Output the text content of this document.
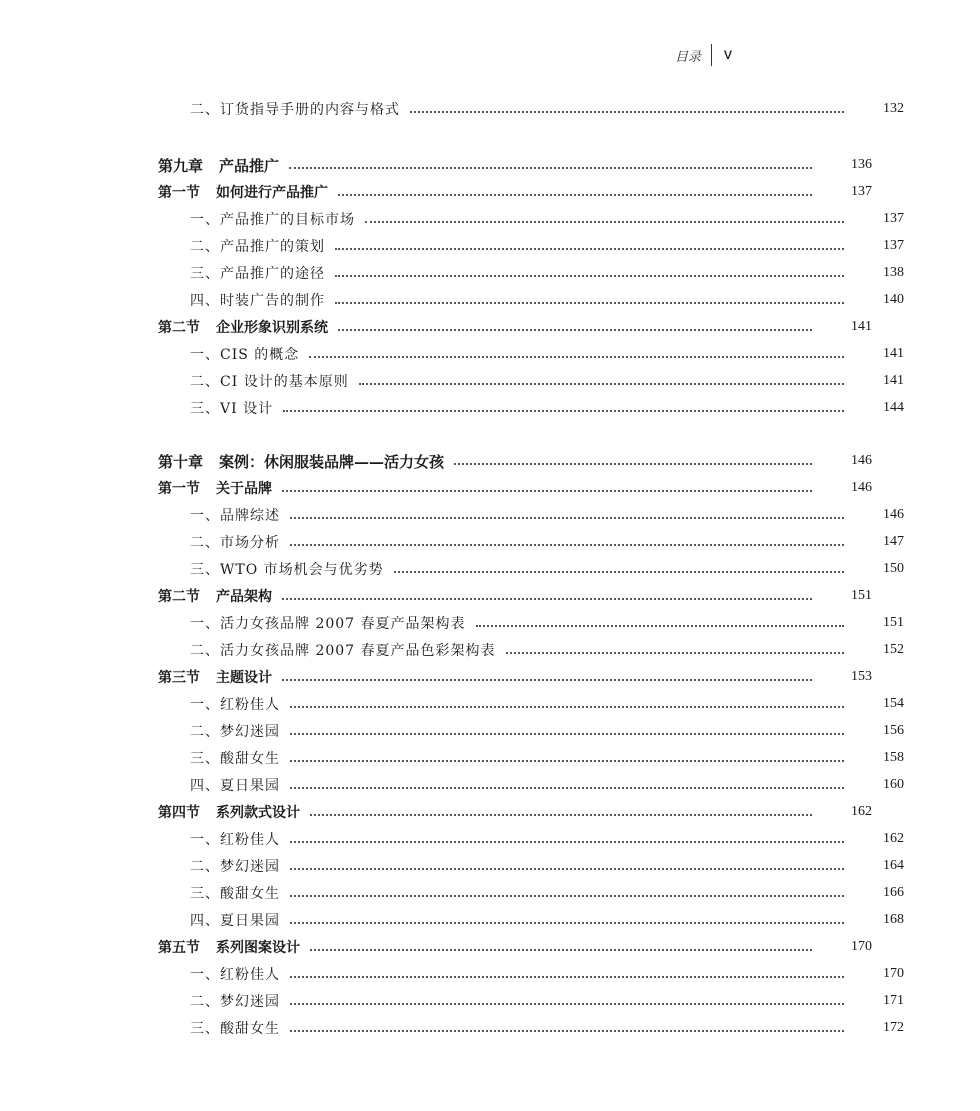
目录 v
二、订货指导手册的内容与格式	132
第九章 产品推广	136
第一节 如何进行产品推广	137
一、产品推广的目标市场	137
二、产品推广的策划	137
三、产品推广的途径	138
四、时装广告的制作	140
第二节 企业形象识别系统	141
一、CIS 的概念	141
二、CI 设计的基本原则	141
三、VI 设计	144
第十章 案例：休闲服装品牌——活力女孩	146
第一节 关于品牌	146
一、品牌综述	146
二、市场分析	147
三、WTO 市场机会与优劣势	150
第二节 产品架构	151
一、活力女孩品牌 2007 春夏产品架构表	151
二、活力女孩品牌 2007 春夏产品色彩架构表	152
第三节 主题设计	153
一、红粉佳人	154
二、梦幻迷园	156
三、酸甜女生	158
四、夏日果园	160
第四节 系列款式设计	162
一、红粉佳人	162
二、梦幻迷园	164
三、酸甜女生	166
四、夏日果园	168
第五节 系列图案设计	170
一、红粉佳人	170
二、梦幻迷园	171
三、酸甜女生	172
